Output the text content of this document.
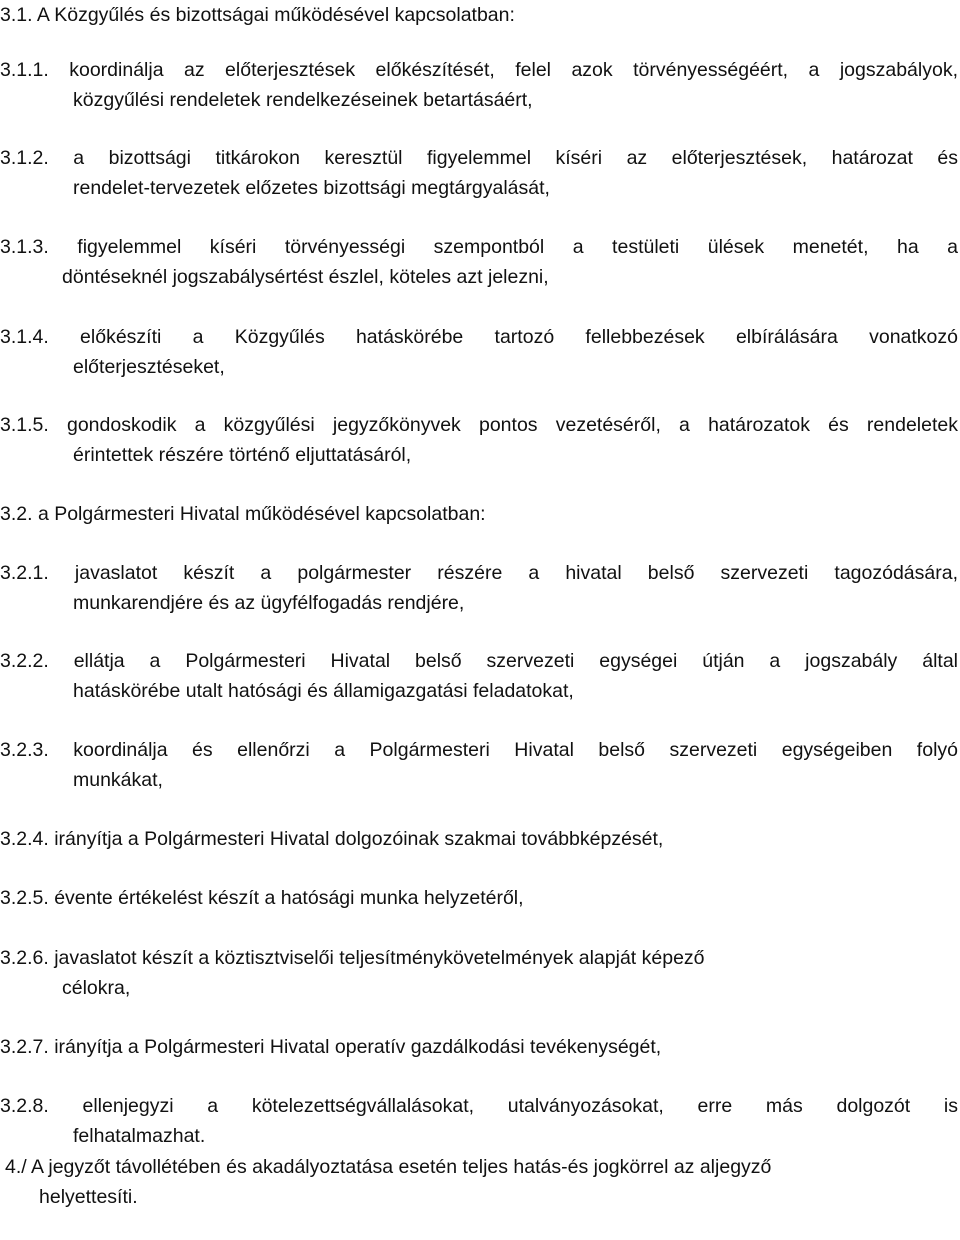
3.1. A Közgyűlés és bizottságai működésével kapcsolatban:
3.1.1. koordinálja az előterjesztések előkészítését, felel azok törvényességéért, a jogszabályok,
közgyűlési rendeletek rendelkezéseinek betartásáért,
3.1.2. a bizottsági titkárokon keresztül figyelemmel kíséri az előterjesztések, határozat és
rendelet-tervezetek előzetes bizottsági megtárgyalását,
3.1.3. figyelemmel kíséri törvényességi szempontból a testületi ülések menetét, ha a
döntéseknél jogszabálysértést észlel, köteles azt jelezni,
3.1.4. előkészíti a Közgyűlés hatáskörébe tartozó fellebbezések elbírálására vonatkozó
előterjesztéseket,
3.1.5. gondoskodik a közgyűlési jegyzőkönyvek pontos vezetéséről, a határozatok és rendeletek
érintettek részére történő eljuttatásáról,
3.2. a Polgármesteri Hivatal működésével kapcsolatban:
3.2.1. javaslatot készít a polgármester részére a hivatal belső szervezeti tagozódására,
munkarendjére és az ügyfélfogadás rendjére,
3.2.2. ellátja a Polgármesteri Hivatal belső szervezeti egységei útján a jogszabály által
hatáskörébe utalt hatósági és államigazgatási feladatokat,
3.2.3. koordinálja és ellenőrzi a Polgármesteri Hivatal belső szervezeti egységeiben folyó
munkákat,
3.2.4. irányítja a Polgármesteri Hivatal dolgozóinak szakmai továbbképzését,
3.2.5. évente értékelést készít a hatósági munka helyzetéről,
3.2.6. javaslatot készít a köztisztviselői teljesítménykövetelmények alapját képező
célokra,
3.2.7. irányítja a Polgármesteri Hivatal operatív gazdálkodási tevékenységét,
3.2.8. ellenjegyzi a kötelezettségvállalásokat, utalványozásokat, erre más dolgozót is
felhatalmazhat.
4./ A jegyzőt távollétében és akadályoztatása esetén teljes hatás-és jogkörrel az aljegyző
helyettesíti.
